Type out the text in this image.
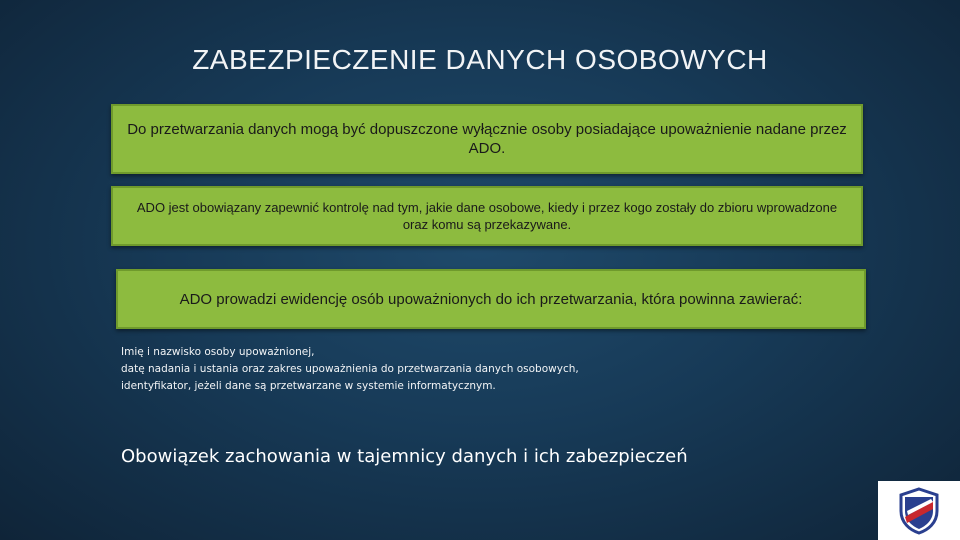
ZABEZPIECZENIE DANYCH OSOBOWYCH
Do przetwarzania danych mogą być dopuszczone wyłącznie osoby posiadające upoważnienie nadane przez ADO.
ADO jest obowiązany zapewnić kontrolę nad tym, jakie dane osobowe, kiedy i przez kogo zostały do zbioru wprowadzone oraz komu są przekazywane.
ADO prowadzi ewidencję osób upoważnionych do ich przetwarzania, która powinna zawierać:
Imię i nazwisko osoby upoważnionej,
datę nadania i ustania oraz zakres upoważnienia do przetwarzania danych osobowych,
identyfikator, jeżeli dane są przetwarzane w systemie informatycznym.
Obowiązek zachowania w tajemnicy danych i ich zabezpieczeń
